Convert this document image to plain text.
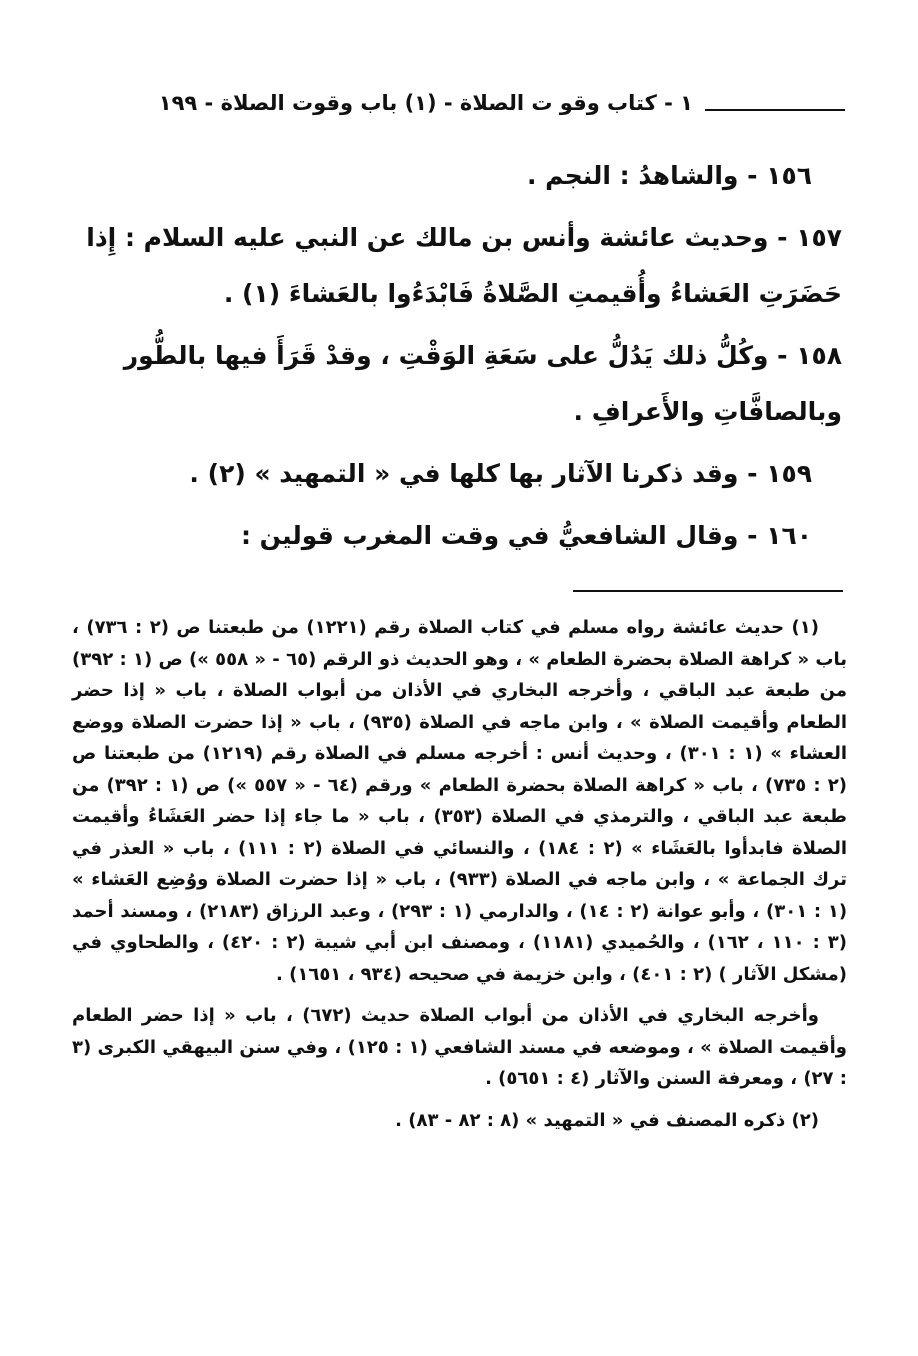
١ - كتاب وقو ت الصلاة - (١) باب وقوت الصلاة - ١٩٩

١٥٦ - والشاهدُ : النجم .

١٥٧ - وحديث عائشة وأنس بن مالك عن النبي عليه السلام : إِذا حَضَرَتِ العَشاءُ وأُقيمتِ الصَّلاةُ فَابْدَءُوا بالعَشاءَ (١) .

١٥٨ - وكُلُّ ذلك يَدُلُّ على سَعَةِ الوَقْتِ ، وقدْ قَرَأَ فيها بالطُّور وبالصافَّاتِ والأَعرافِ .

١٥٩ - وقد ذكرنا الآثار بها كلها في « التمهيد » (٢) .

١٦٠ - وقال الشافعيُّ في وقت المغرب قولين :

(١) حديث عائشة رواه مسلم في كتاب الصلاة رقم (١٢٢١) من طبعتنا ص (٢ : ٧٣٦) ، باب « كراهة الصلاة بحضرة الطعام » ، وهو الحديث ذو الرقم (٦٥ - « ٥٥٨ ») ص (١ : ٣٩٢) من طبعة عبد الباقي ، وأخرجه البخاري في الأذان من أبواب الصلاة ، باب « إذا حضر الطعام وأقيمت الصلاة » ، وابن ماجه في الصلاة (٩٣٥) ، باب « إذا حضرت الصلاة ووضع العشاء » (١ : ٣٠١) ، وحديث أنس : أخرجه مسلم في الصلاة رقم (١٢١٩) من طبعتنا ص (٢ : ٧٣٥) ، باب « كراهة الصلاة بحضرة الطعام » ورقم (٦٤ - « ٥٥٧ ») ص (١ : ٣٩٢) من طبعة عبد الباقي ، والترمذي في الصلاة (٣٥٣) ، باب « ما جاء إذا حضر العَشَاءُ وأقيمت الصلاة فابدأوا بالعَشَاء » (٢ : ١٨٤) ، والنسائي في الصلاة (٢ : ١١١) ، باب « العذر في ترك الجماعة » ، وابن ماجه في الصلاة (٩٣٣) ، باب « إذا حضرت الصلاة ووُضِع العَشاء » (١ : ٣٠١) ، وأبو عوانة (٢ : ١٤) ، والدارمي (١ : ٢٩٣) ، وعبد الرزاق (٢١٨٣) ، ومسند أحمد (٣ : ١١٠ ، ١٦٢) ، والحُميدي (١١٨١) ، ومصنف ابن أبي شيبة (٢ : ٤٢٠) ، والطحاوي في (مشكل الآثار ) (٢ : ٤٠١) ، وابن خزيمة في صحيحه (٩٣٤ ، ١٦٥١) .

وأخرجه البخاري في الأذان من أبواب الصلاة حديث (٦٧٢) ، باب « إذا حضر الطعام وأقيمت الصلاة » ، وموضعه في مسند الشافعي (١ : ١٢٥) ، وفي سنن البيهقي الكبرى (٣ : ٢٧) ، ومعرفة السنن والآثار (٤ : ٥٦٥١) .

(٢) ذكره المصنف في « التمهيد » (٨ : ٨٢ - ٨٣) .
